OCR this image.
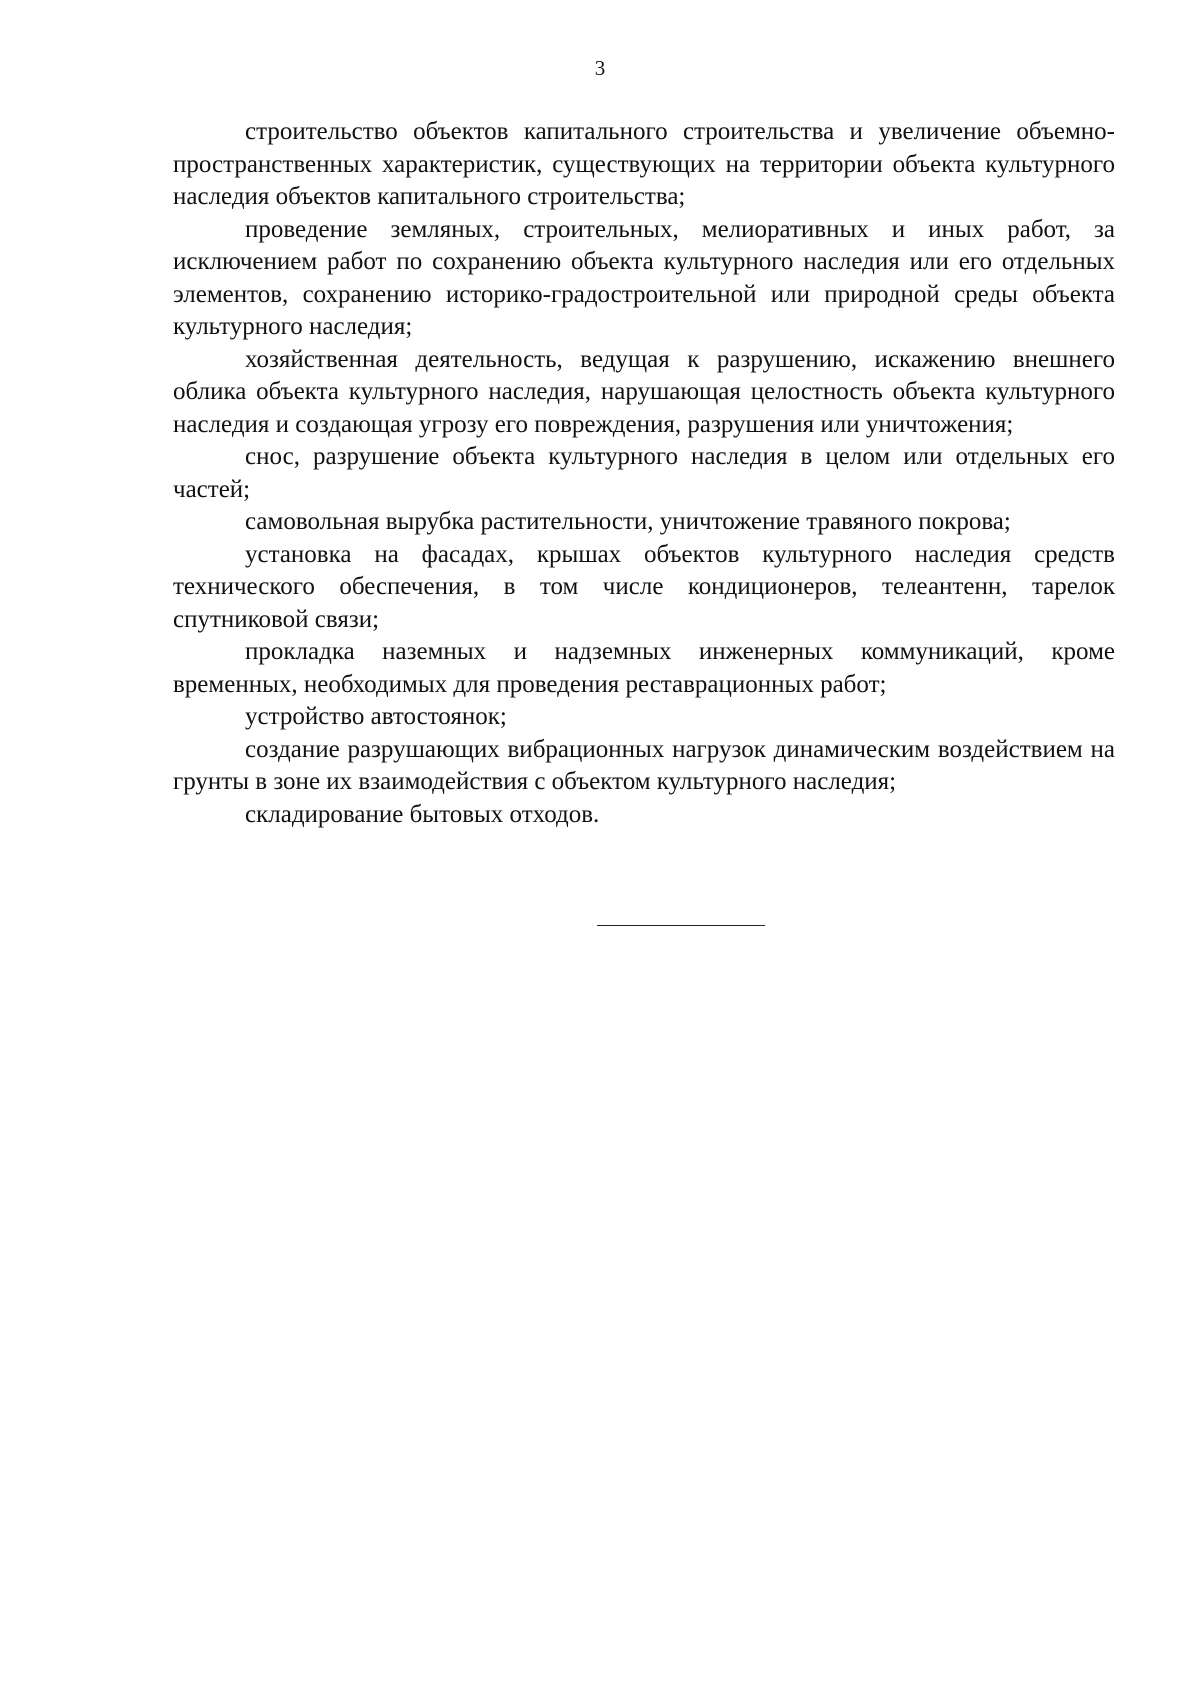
3

строительство объектов капитального строительства и увеличение объемно-пространственных характеристик, существующих на территории объекта культурного наследия объектов капитального строительства;

проведение земляных, строительных, мелиоративных и иных работ, за исключением работ по сохранению объекта культурного наследия или его отдельных элементов, сохранению историко-градостроительной или природной среды объекта культурного наследия;

хозяйственная деятельность, ведущая к разрушению, искажению внешнего облика объекта культурного наследия, нарушающая целостность объекта культурного наследия и создающая угрозу его повреждения, разрушения или уничтожения;

снос, разрушение объекта культурного наследия в целом или отдельных его частей;

самовольная вырубка растительности, уничтожение травяного покрова;

установка на фасадах, крышах объектов культурного наследия средств технического обеспечения, в том числе кондиционеров, телеантенн, тарелок спутниковой связи;

прокладка наземных и надземных инженерных коммуникаций, кроме временных, необходимых для проведения реставрационных работ;

устройство автостоянок;

создание разрушающих вибрационных нагрузок динамическим воздействием на грунты в зоне их взаимодействия с объектом культурного наследия;

складирование бытовых отходов.
